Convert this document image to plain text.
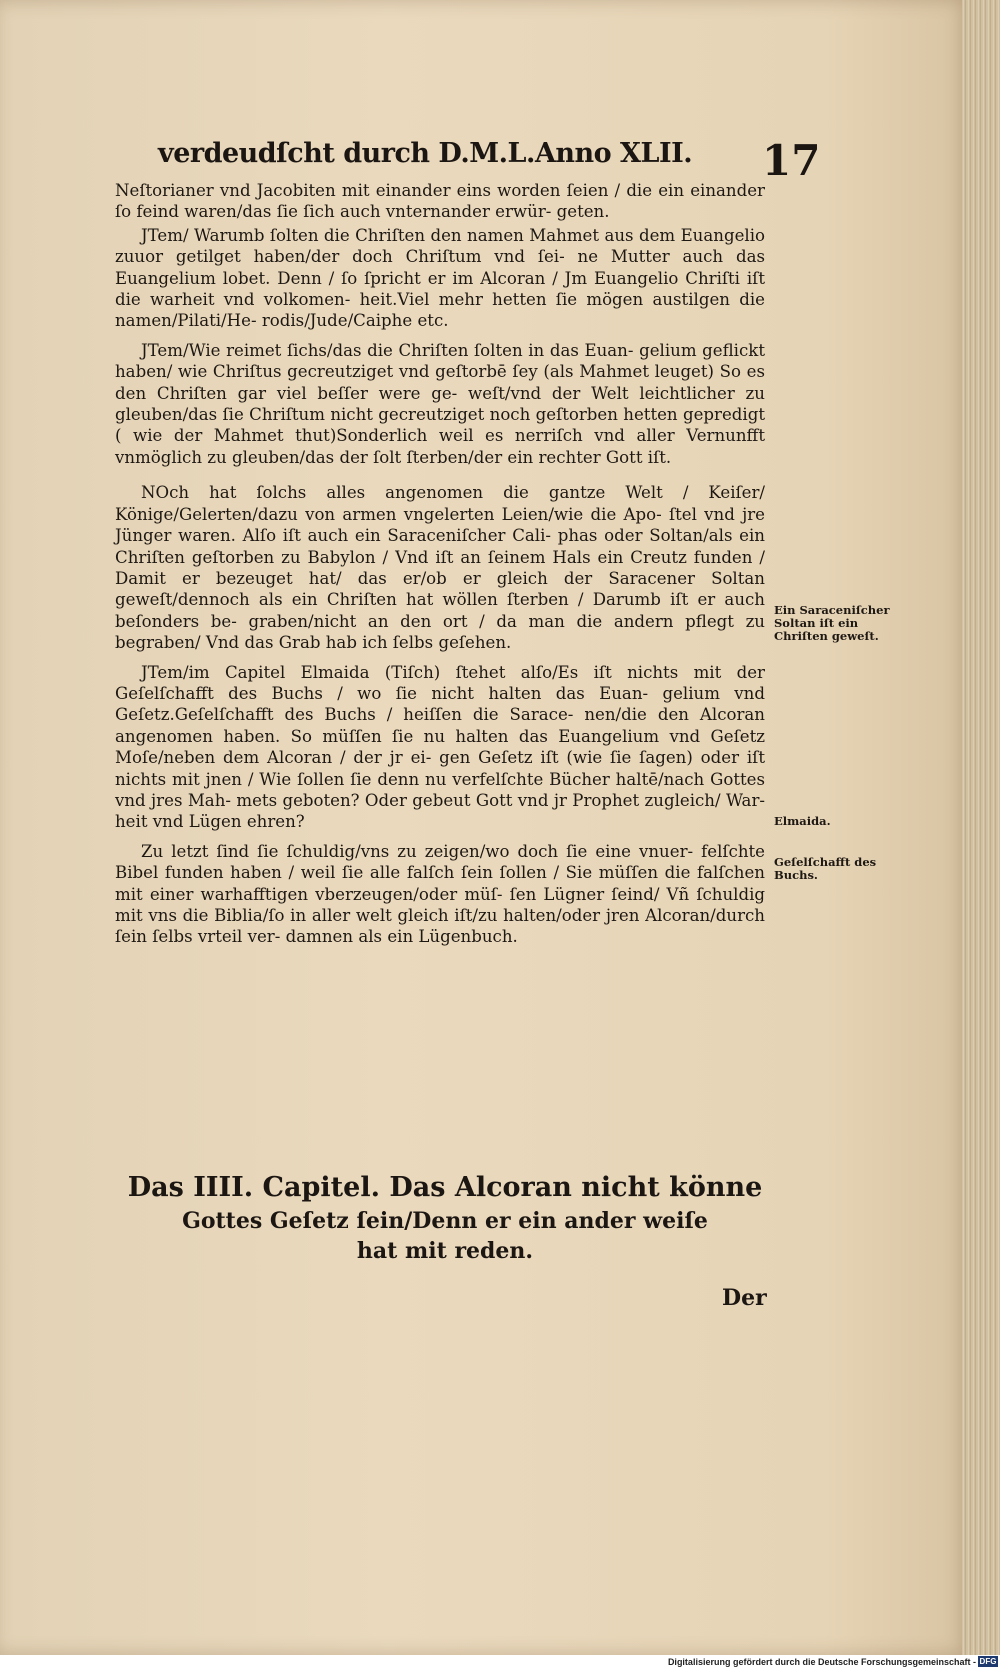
verdeudſcht durch D.M.L.Anno XLII.	17

Neſtorianer vnd Jacobiten mit einander eins worden ſeien / die ein einander ſo feind waren/das ſie ſich auch vnternander erwür- geten.

JTem/ Warumb ſolten die Chriſten den namen Mahmet aus dem Euangelio zuuor getilget haben/der doch Chriſtum vnd ſei- ne Mutter auch das Euangelium lobet. Denn / ſo ſpricht er im Alcoran / Jm Euangelio Chriſti iſt die warheit vnd volkomen- heit.Viel mehr hetten ſie mögen austilgen die namen/Pilati/He- rodis/Jude/Caiphe etc.

JTem/Wie reimet ſichs/das die Chriſten ſolten in das Euan- gelium geflickt haben/ wie Chriſtus gecreutziget vnd geſtorbē ſey (als Mahmet leuget) So es den Chriſten gar viel beſſer were ge- weſt/vnd der Welt leichtlicher zu gleuben/das ſie Chriſtum nicht gecreutziget noch geſtorben hetten gepredigt ( wie der Mahmet thut)Sonderlich weil es nerriſch vnd aller Vernunfft vnmöglich zu gleuben/das der ſolt ſterben/der ein rechter Gott iſt.

NOch hat ſolchs alles angenomen die gantze Welt / Keiſer/ Könige/Gelerten/dazu von armen vngelerten Leien/wie die Apo- ſtel vnd jre Jünger waren. Alſo iſt auch ein Saraceniſcher Cali- phas oder Soltan/als ein Chriſten geſtorben zu Babylon / Vnd iſt an ſeinem Hals ein Creutz funden / Damit er bezeuget hat/ das er/ob er gleich der Saracener Soltan geweſt/dennoch als ein Chriſten hat wöllen ſterben / Darumb iſt er auch beſonders be- graben/nicht an den ort / da man die andern pflegt zu begraben/ Vnd das Grab hab ich ſelbs geſehen.

JTem/im Capitel Elmaida (Tiſch) ſtehet alſo/Es iſt nichts mit der Geſelſchafft des Buchs / wo ſie nicht halten das Euan- gelium vnd Geſetz.Geſelſchafft des Buchs / heiſſen die Sarace- nen/die den Alcoran angenomen haben. So müſſen ſie nu halten das Euangelium vnd Geſetz Moſe/neben dem Alcoran / der jr ei- gen Geſetz iſt (wie ſie ſagen) oder iſt nichts mit jnen / Wie ſollen ſie denn nu verfelſchte Bücher haltē/nach Gottes vnd jres Mah- mets geboten? Oder gebeut Gott vnd jr Prophet zugleich/ War- heit vnd Lügen ehren?

Zu letzt ſind ſie ſchuldig/vns zu zeigen/wo doch ſie eine vnuer- felſchte Bibel funden haben / weil ſie alle falſch ſein ſollen / Sie müſſen die falſchen mit einer warhafftigen vberzeugen/oder müſ- ſen Lügner ſeind/ Vñ ſchuldig mit vns die Biblia/ſo in aller welt gleich iſt/zu halten/oder jren Alcoran/durch ſein ſelbs vrteil ver- damnen als ein Lügenbuch.

Ein Saraceniſcher Soltan iſt ein Chriſten geweſt.
Elmaida.
Geſelſchafft des Buchs.
Das IIII. Capitel. Das Alcoran nicht könne
Gottes Geſetz ſein/Denn er ein ander weiſe
hat mit reden.
Der
Digitalisierung gefördert durch die Deutsche Forschungsgemeinschaft - DFG
